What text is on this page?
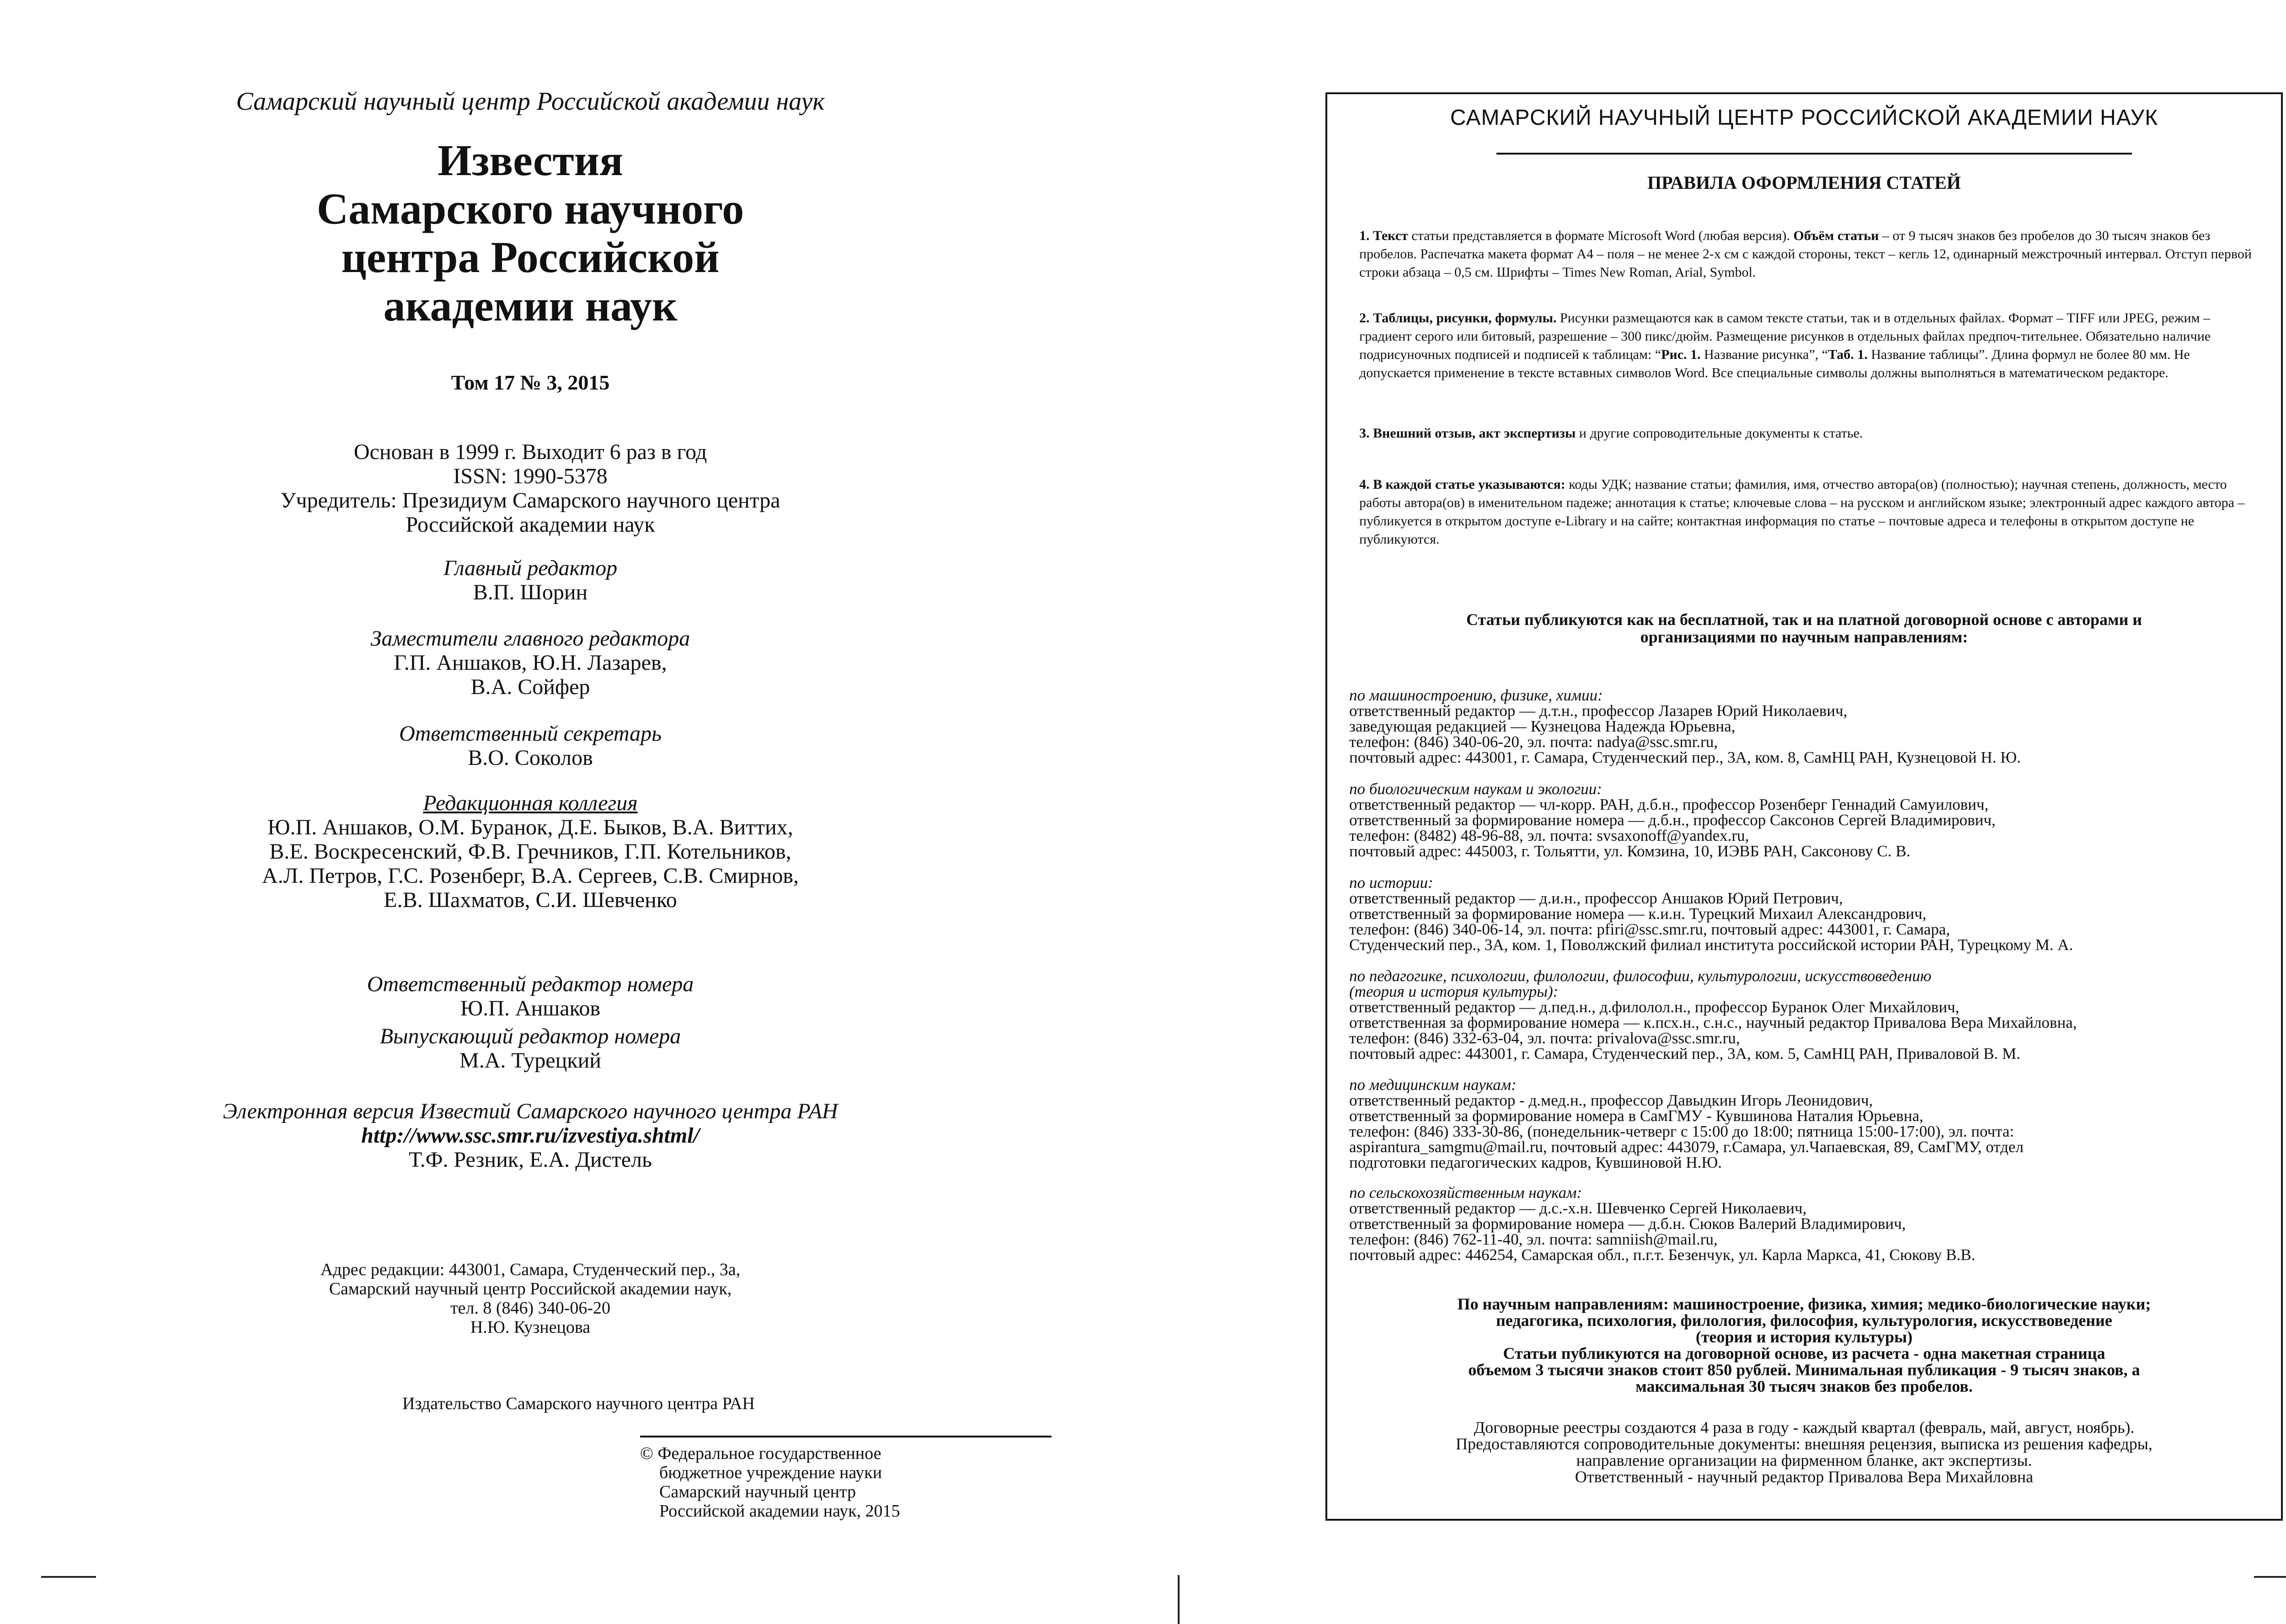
Самарский научный центр Российской академии наук
Известия
Самарского научного
центра Российской
академии наук
Том 17 № 3, 2015
Основан в 1999 г. Выходит 6 раз в год
ISSN: 1990-5378
Учредитель: Президиум Самарского научного центра
Российской академии наук
Главный редактор
В.П. Шорин
Заместители главного редактора
Г.П. Аншаков, Ю.Н. Лазарев,
В.А. Сойфер
Ответственный секретарь
В.О. Соколов
Редакционная коллегия
Ю.П. Аншаков, О.М. Буранок, Д.Е. Быков, В.А. Виттих,
В.Е. Воскресенский, Ф.В. Гречников, Г.П. Котельников,
А.Л. Петров, Г.С. Розенберг, В.А. Сергеев, С.В. Смирнов,
Е.В. Шахматов, С.И. Шевченко
Ответственный редактор номера
Ю.П. Аншаков
Выпускающий редактор номера
М.А. Турецкий
Электронная версия Известий Самарского научного центра РАН
http://www.ssc.smr.ru/izvestiya.shtml/
Т.Ф. Резник, Е.А. Дистель
Адрес редакции: 443001, Самара, Студенческий пер., 3а,
Самарский научный центр Российской академии наук,
тел. 8 (846) 340-06-20
Н.Ю. Кузнецова
Издательство Самарского научного центра РАН
© Федеральное государственное
бюджетное учреждение науки
Самарский научный центр
Российской академии наук, 2015
САМАРСКИЙ НАУЧНЫЙ ЦЕНТР РОССИЙСКОЙ АКАДЕМИИ НАУК
ПРАВИЛА ОФОРМЛЕНИЯ СТАТЕЙ
1. Текст статьи представляется в формате Microsoft Word (любая версия). Объём статьи – от 9 тысяч знаков без пробелов до 30 тысяч знаков без пробелов. Распечатка макета формат А4 – поля – не менее 2-х см с каждой стороны, текст – кегль 12, одинарный межстрочный интервал. Отступ первой строки абзаца – 0,5 см. Шрифты – Times New Roman, Arial, Symbol.
2. Таблицы, рисунки, формулы. Рисунки размещаются как в самом тексте статьи, так и в отдельных файлах. Формат – TIFF или JPEG, режим – градиент серого или битовый, разрешение – 300 пикс/дюйм. Размещение рисунков в отдельных файлах предпоч-тительнее. Обязательно наличие подрисуночных подписей и подписей к таблицам: “Рис. 1. Название рисунка”, “Таб. 1. Название таблицы”. Длина формул не более 80 мм. Не допускается применение в тексте вставных символов Word. Все специальные символы должны выполняться в математическом редакторе.
3. Внешний отзыв, акт экспертизы и другие сопроводительные документы к статье.
4. В каждой статье указываются: коды УДК; название статьи; фамилия, имя, отчество автора(ов) (полностью); научная степень, должность, место работы автора(ов) в именительном падеже; аннотация к статье; ключевые слова – на русском и английском языке; электронный адрес каждого автора – публикуется в открытом доступе e-Library и на сайте; контактная информация по статье – почтовые адреса и телефоны в открытом доступе не публикуются.
Статьи публикуются как на бесплатной, так и на платной договорной основе с авторами и
организациями по научным направлениям:
по машиностроению, физике, химии:
ответственный редактор — д.т.н., профессор Лазарев Юрий Николаевич,
заведующая редакцией — Кузнецова Надежда Юрьевна,
телефон: (846) 340-06-20, эл. почта: nadya@ssc.smr.ru,
почтовый адрес: 443001, г. Самара, Студенческий пер., 3А, ком. 8, СамНЦ РАН, Кузнецовой Н. Ю.
по биологическим наукам и экологии:
ответственный редактор — чл-корр. РАН, д.б.н., профессор Розенберг Геннадий Самуилович,
ответственный за формирование номера — д.б.н., профессор Саксонов Сергей Владимирович,
телефон: (8482) 48-96-88, эл. почта: svsaxonoff@yandex.ru,
почтовый адрес: 445003, г. Тольятти, ул. Комзина, 10, ИЭВБ РАН, Саксонову С. В.
по истории:
ответственный редактор — д.и.н., профессор Аншаков Юрий Петрович,
ответственный за формирование номера — к.и.н. Турецкий Михаил Александрович,
телефон: (846) 340-06-14, эл. почта: pfiri@ssc.smr.ru, почтовый адрес: 443001, г. Самара,
Студенческий пер., 3А, ком. 1, Поволжский филиал института российской истории РАН, Турецкому М. А.
по педагогике, психологии, филологии, философии, культурологии, искусствоведению
(теория и история культуры):
ответственный редактор — д.пед.н., д.филолол.н., профессор Буранок Олег Михайлович,
ответственная за формирование номера — к.псх.н., с.н.с., научный редактор Привалова Вера Михайловна,
телефон: (846) 332-63-04, эл. почта: privalova@ssc.smr.ru,
почтовый адрес: 443001, г. Самара, Студенческий пер., 3А, ком. 5, СамНЦ РАН, Приваловой В. М.
по медицинским наукам:
ответственный редактор - д.мед.н., профессор Давыдкин Игорь Леонидович,
ответственный за формирование номера в СамГМУ - Кувшинова Наталия Юрьевна,
телефон: (846) 333-30-86, (понедельник-четверг с 15:00 до 18:00; пятница 15:00-17:00), эл. почта:
aspirantura_samgmu@mail.ru, почтовый адрес: 443079, г.Самара, ул.Чапаевская, 89, СамГМУ, отдел
подготовки педагогических кадров, Кувшиновой Н.Ю.
по сельскохозяйственным наукам:
ответственный редактор — д.с.-х.н. Шевченко Сергей Николаевич,
ответственный за формирование номера — д.б.н. Сюков Валерий Владимирович,
телефон: (846) 762-11-40, эл. почта: samniish@mail.ru,
почтовый адрес: 446254, Самарская обл., п.г.т. Безенчук, ул. Карла Маркса, 41, Сюкову В.В.
По научным направлениям: машиностроение, физика, химия; медико-биологические науки;
педагогика, психология, филология, философия, культурология, искусствоведение
(теория и история культуры)
Статьи публикуются на договорной основе, из расчета - одна макетная страница
объемом 3 тысячи знаков стоит 850 рублей. Минимальная публикация - 9 тысяч знаков, а
максимальная 30 тысяч знаков без пробелов.
Договорные реестры создаются 4 раза в году - каждый квартал (февраль, май, август, ноябрь).
Предоставляются сопроводительные документы: внешняя рецензия, выписка из решения кафедры,
направление организации на фирменном бланке, акт экспертизы.
Ответственный - научный редактор Привалова Вера Михайловна
